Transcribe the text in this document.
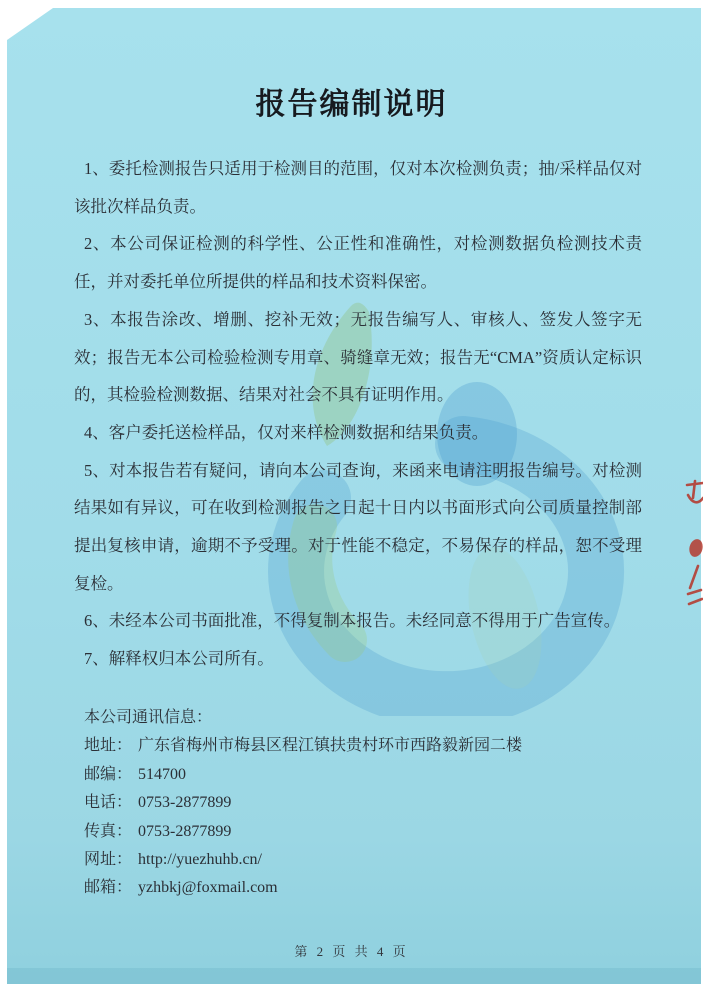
报告编制说明

1、委托检测报告只适用于检测目的范围，仅对本次检测负责；抽/采样品仅对该批次样品负责。

2、本公司保证检测的科学性、公正性和准确性，对检测数据负检测技术责任，并对委托单位所提供的样品和技术资料保密。

3、本报告涂改、增删、挖补无效；无报告编写人、审核人、签发人签字无效；报告无本公司检验检测专用章、骑缝章无效；报告无“CMA”资质认定标识的，其检验检测数据、结果对社会不具有证明作用。

4、客户委托送检样品，仅对来样检测数据和结果负责。

5、对本报告若有疑问，请向本公司查询，来函来电请注明报告编号。对检测结果如有异议，可在收到检测报告之日起十日内以书面形式向公司质量控制部提出复核申请，逾期不予受理。对于性能不稳定，不易保存的样品，恕不受理复检。

6、未经本公司书面批准，不得复制本报告。未经同意不得用于广告宣传。

7、解释权归本公司所有。

本公司通讯信息：
地址： 广东省梅州市梅县区程江镇扶贵村环市西路毅新园二楼
邮编： 514700
电话： 0753-2877899
传真： 0753-2877899
网址： http://yuezhuhb.cn/
邮箱： yzhbkj@foxmail.com
第 2 页 共 4 页
